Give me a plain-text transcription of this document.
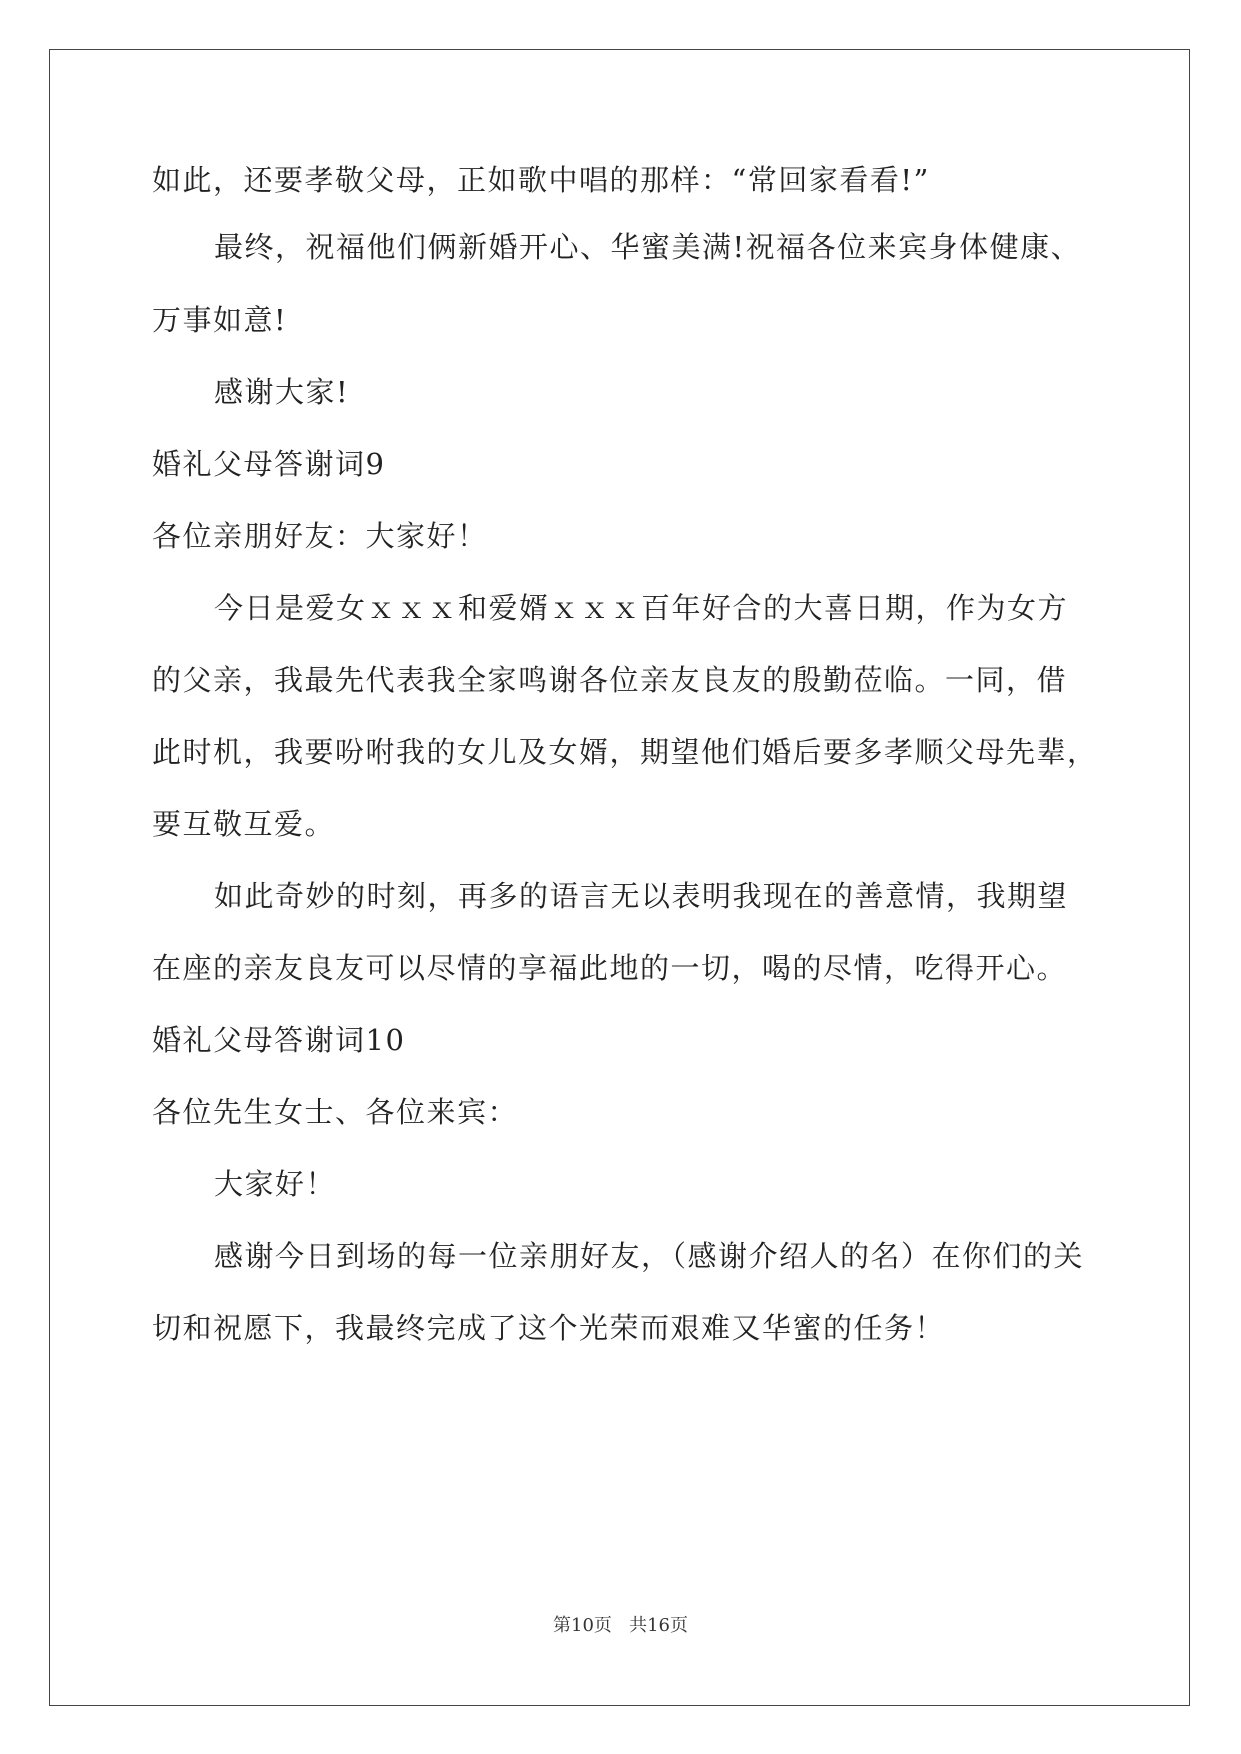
如此，还要孝敬父母，正如歌中唱的那样：“常回家看看!”
最终，祝福他们俩新婚开心、华蜜美满!祝福各位来宾身体健康、
万事如意!
感谢大家!
婚礼父母答谢词9
各位亲朋好友：大家好！
今日是爱女ｘｘｘ和爱婿ｘｘｘ百年好合的大喜日期，作为女方
的父亲，我最先代表我全家鸣谢各位亲友良友的殷勤莅临。一同，借
此时机，我要吩咐我的女儿及女婿，期望他们婚后要多孝顺父母先辈，
要互敬互爱。
如此奇妙的时刻，再多的语言无以表明我现在的善意情，我期望
在座的亲友良友可以尽情的享福此地的一切，喝的尽情，吃得开心。
婚礼父母答谢词10
各位先生女士、各位来宾：
大家好！
感谢今日到场的每一位亲朋好友，（感谢介绍人的名）在你们的关
切和祝愿下，我最终完成了这个光荣而艰难又华蜜的任务！
第10页   共16页
